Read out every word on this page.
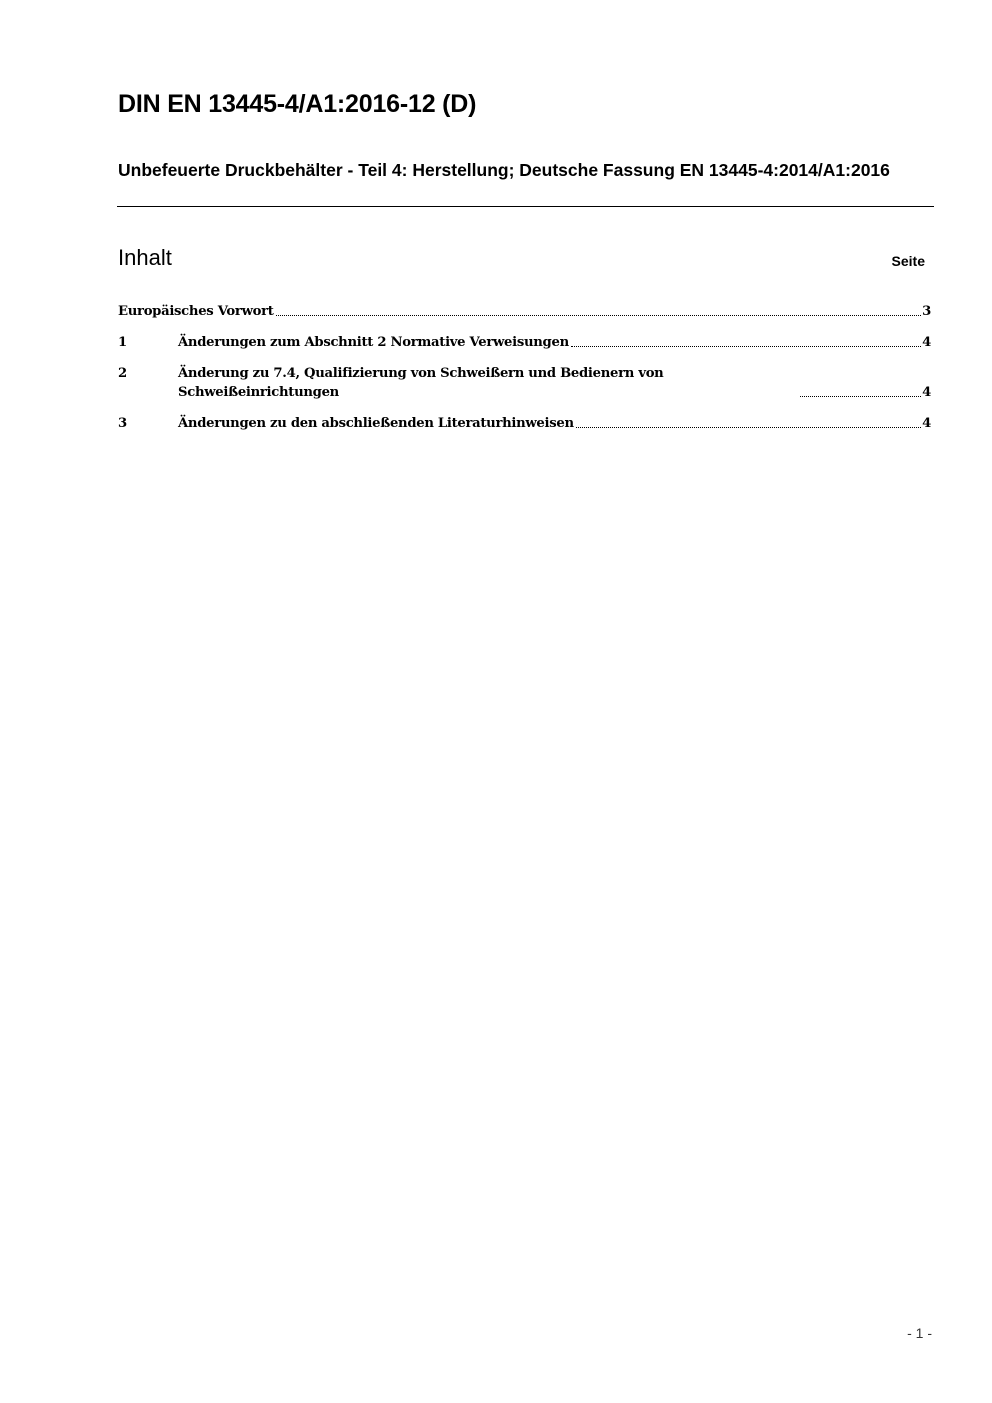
DIN EN 13445-4/A1:2016-12 (D)
Unbefeuerte Druckbehälter - Teil 4: Herstellung; Deutsche Fassung EN 13445-4:2014/A1:2016
Inhalt	Seite
Europäisches Vorwort	3
1	Änderungen zum Abschnitt 2 Normative Verweisungen	4
2	Änderung zu 7.4, Qualifizierung von Schweißern und Bedienern von Schweißeinrichtungen	4
3	Änderungen zu den abschließenden Literaturhinweisen	4
- 1 -
